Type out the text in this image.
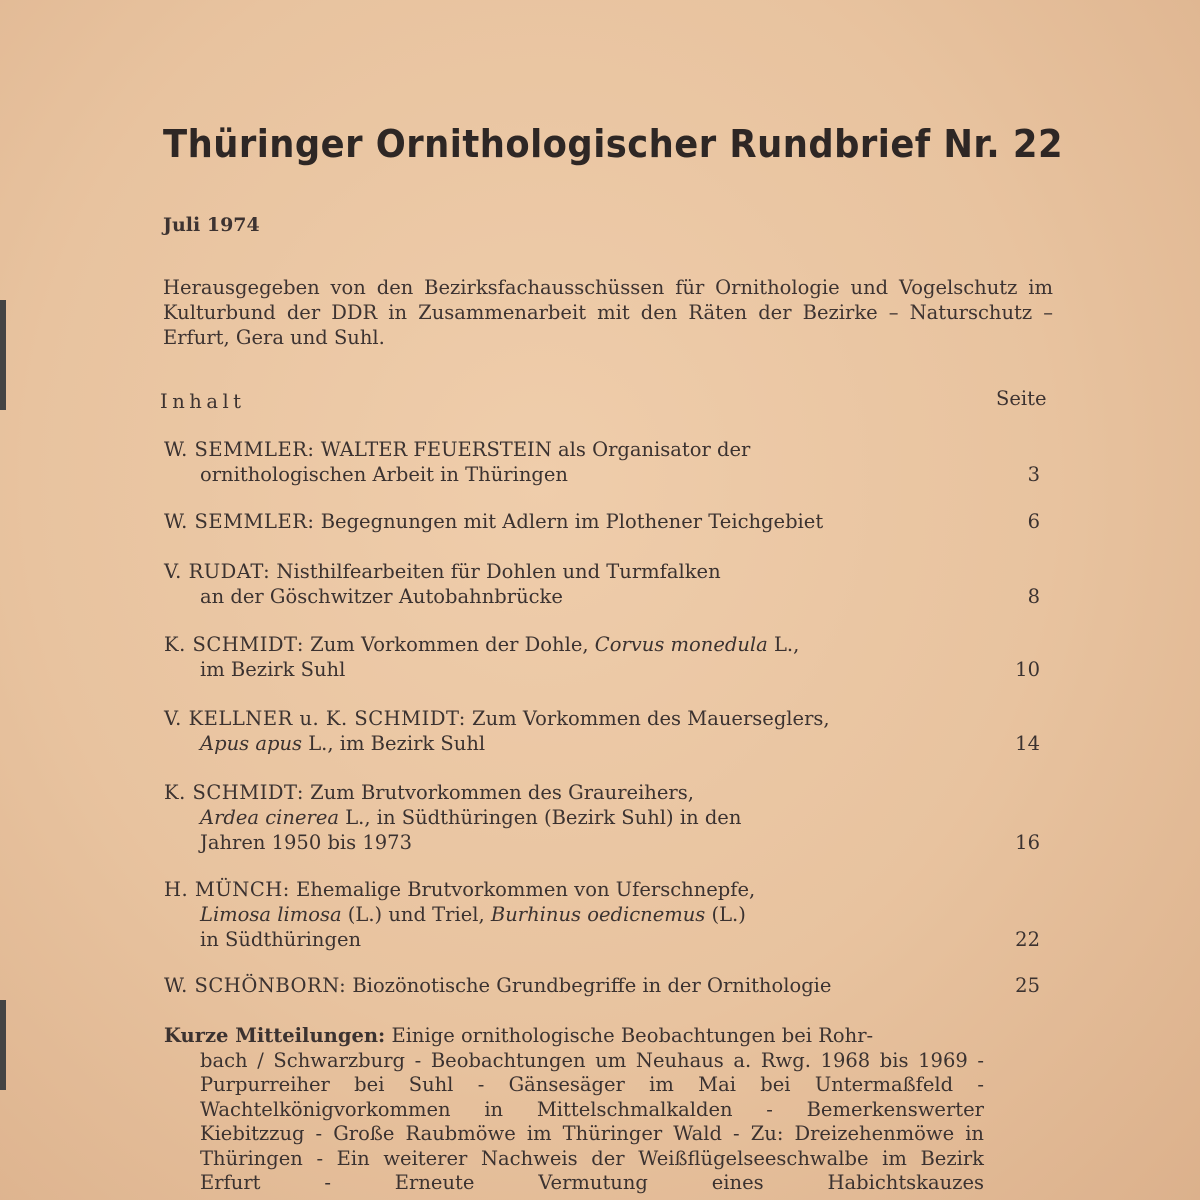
Thüringer Ornithologischer Rundbrief Nr. 22
Juli 1974
Herausgegeben von den Bezirksfachausschüssen für Ornithologie und Vogelschutz im Kulturbund der DDR in Zusammenarbeit mit den Räten der Bezirke – Naturschutz – Erfurt, Gera und Suhl.
Inhalt	Seite
W. SEMMLER: WALTER FEUERSTEIN als Organisator der
ornithologischen Arbeit in Thüringen	3
W. SEMMLER: Begegnungen mit Adlern im Plothener Teichgebiet	6
V. RUDAT: Nisthilfearbeiten für Dohlen und Turmfalken
an der Göschwitzer Autobahnbrücke	8
K. SCHMIDT: Zum Vorkommen der Dohle, Corvus monedula L.,
im Bezirk Suhl	10
V. KELLNER u. K. SCHMIDT: Zum Vorkommen des Mauerseglers,
Apus apus L., im Bezirk Suhl	14
K. SCHMIDT: Zum Brutvorkommen des Graureihers,
Ardea cinerea L., in Südthüringen (Bezirk Suhl) in den
Jahren 1950 bis 1973	16
H. MÜNCH: Ehemalige Brutvorkommen von Uferschnepfe,
Limosa limosa (L.) und Triel, Burhinus oedicnemus (L.)
in Südthüringen	22
W. SCHÖNBORN: Biozönotische Grundbegriffe in der Ornithologie	25
Kurze Mitteilungen: Einige ornithologische Beobachtungen bei Rohr-
bach / Schwarzburg - Beobachtungen um Neuhaus a. Rwg. 1968 bis 1969 - Purpurreiher bei Suhl - Gänsesäger im Mai bei Untermaßfeld - Wachtelkönigvorkommen in Mittelschmalkalden - Bemerkenswerter Kiebitzzug - Große Raubmöwe im Thüringer Wald - Zu: Dreizehenmöwe in Thüringen - Ein weiterer Nachweis der Weißflügelseeschwalbe im Bezirk Erfurt - Erneute Vermutung eines Habichtskauzes
